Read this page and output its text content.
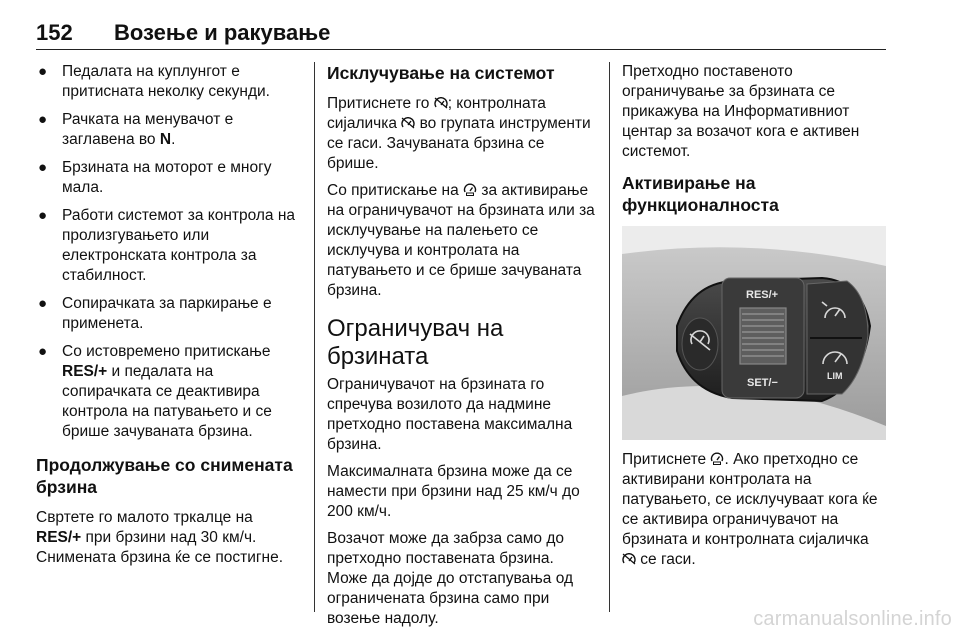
152 Возење и ракување
● Педалата на куплунгот е притисната неколку секунди.
● Рачката на менувачот е заглавена во N.
● Брзината на моторот е многу мала.
● Работи системот за контрола на пролизгувањето или електронската контрола за стабилност.
● Сопирачката за паркирање е применета.
● Со истовремено притискање RES/+ и педалата на сопирачката се деактивира контрола на патувањето и се брише зачуваната брзина.
Продолжување со снимената брзина

Свртете го малото тркалце на RES/+ при брзини над 30 км/ч. Снимената брзина ќе се постигне.

Исклучување на системот

Притиснете го ; контролната сијаличка  во групата инструменти се гаси. Зачуваната брзина се брише.

Со притискање на  за активирање на ограничувачот на брзината или за исклучување на палењето се исклучува и контролата на патувањето и се брише зачуваната брзина.

Ограничувач на брзината

Ограничувачот на брзината го спречува возилото да надмине претходно поставена максимална брзина.

Максималната брзина може да се намести при брзини над 25 км/ч до 200 км/ч.

Возачот може да забрза само до претходно поставената брзина. Може да дојде до отстапувања од ограничената брзина само при возење надолу.

Претходно поставеното ограничување за брзината се прикажува на Информативниот центар за возачот кога е активен системот.

Активирање на функционалноста
RES/+
SET/−
LIM

Притиснете . Ако претходно се активирани контролата на патувањето, се исклучуваат кога ќе се активира ограничувачот на брзината и контролната сијаличка  се гаси.

carmanualsonline.info
